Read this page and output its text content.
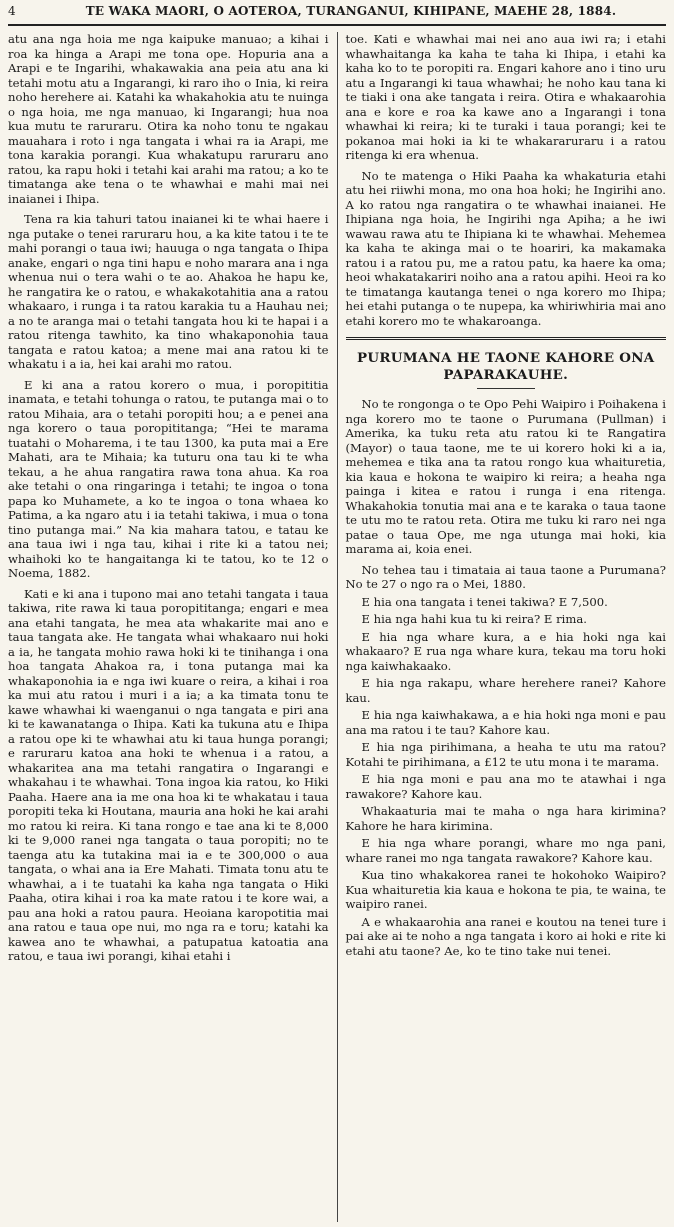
4	TE WAKA MAORI, O AOTEROA, TURANGANUI, KIHIPANE, MAEHE 28, 1884.

atu ana nga hoia me nga kaipuke manuao; a kihai i roa ka hinga a Arapi me tona ope. Hopuria ana a Arapi e te Ingarihi, whakawakia ana peia atu ana ki tetahi motu atu a Ingarangi, ki raro iho o Inia, ki reira noho herehere ai. Katahi ka whakahokia atu te nuinga o nga hoia, me nga manuao, ki Ingarangi; hua noa kua mutu te raruraru. Otira ka noho tonu te ngakau mauahara i roto i nga tangata i whai ra ia Arapi, me tona karakia porangi. Kua whakatupu raruraru ano ratou, ka rapu hoki i tetahi kai arahi ma ratou; a ko te timatanga ake tena o te whawhai e mahi mai nei inaianei i Ihipa.

Tena ra kia tahuri tatou inaianei ki te whai haere i nga putake o tenei raruraru hou, a ka kite tatou i te te mahi porangi o taua iwi; hauuga o nga tangata o Ihipa anake, engari o nga tini hapu e noho marara ana i nga whenua nui o tera wahi o te ao. Ahakoa he hapu ke, he rangatira ke o ratou, e whakakotahitia ana a ratou whakaaro, i runga i ta ratou karakia tu a Hauhau nei; a no te aranga mai o tetahi tangata hou ki te hapai i a ratou ritenga tawhito, ka tino whakaponohia taua tangata e ratou katoa; a mene mai ana ratou ki te whakatu i a ia, hei kai arahi mo ratou.

E ki ana a ratou korero o mua, i poropititia inamata, e tetahi tohunga o ratou, te putanga mai o to ratou Mihaia, ara o tetahi poropiti hou; a e penei ana nga korero o taua poropititanga; “Hei te marama tuatahi o Moharema, i te tau 1300, ka puta mai a Ere Mahati, ara te Mihaia; ka tuturu ona tau ki te wha tekau, a he ahua rangatira rawa tona ahua. Ka roa ake tetahi o ona ringaringa i tetahi; te ingoa o tona papa ko Muhamete, a ko te ingoa o tona whaea ko Patima, a ka ngaro atu i ia tetahi takiwa, i mua o tona tino putanga mai.” Na kia mahara tatou, e tatau ke ana taua iwi i nga tau, kihai i rite ki a tatou nei; whaihoki ko te hangaitanga ki te tatou, ko te 12 o Noema, 1882.

Kati e ki ana i tupono mai ano tetahi tangata i taua takiwa, rite rawa ki taua poropititanga; engari e mea ana etahi tangata, he mea ata whakarite mai ano e taua tangata ake. He tangata whai whakaaro nui hoki a ia, he tangata mohio rawa hoki ki te tinihanga i ona hoa tangata Ahakoa ra, i tona putanga mai ka whakaponohia ia e nga iwi kuare o reira, a kihai i roa ka mui atu ratou i muri i a ia; a ka timata tonu te kawe whawhai ki waenganui o nga tangata e piri ana ki te kawanatanga o Ihipa. Kati ka tukuna atu e Ihipa a ratou ope ki te whawhai atu ki taua hunga porangi; e raruraru katoa ana hoki te whenua i a ratou, a whakaritea ana ma tetahi rangatira o Ingarangi e whakahau i te whawhai. Tona ingoa kia ratou, ko Hiki Paaha. Haere ana ia me ona hoa ki te whakatau i taua poropiti teka ki Houtana, mauria ana hoki he kai arahi mo ratou ki reira. Ki tana rongo e tae ana ki te 8,000 ki te 9,000 ranei nga tangata o taua poropiti; no te taenga atu ka tutakina mai ia e te 300,000 o aua tangata, o whai ana ia Ere Mahati. Timata tonu atu te whawhai, a i te tuatahi ka kaha nga tangata o Hiki Paaha, otira kihai i roa ka mate ratou i te kore wai, a pau ana hoki a ratou paura. Heoiana karopotitia mai ana ratou e taua ope nui, mo nga ra e toru; katahi ka kawea ano te whawhai, a patupatua katoatia ana ratou, e taua iwi porangi, kihai etahi i

toe. Kati e whawhai mai nei ano aua iwi ra; i etahi whawhaitanga ka kaha te taha ki Ihipa, i etahi ka kaha ko to te poropiti ra. Engari kahore ano i tino uru atu a Ingarangi ki taua whawhai; he noho kau tana ki te tiaki i ona ake tangata i reira. Otira e whakaarohia ana e kore e roa ka kawe ano a Ingarangi i tona whawhai ki reira; ki te turaki i taua porangi; kei te pokanoa mai hoki ia ki te whakararuraru i a ratou ritenga ki era whenua.

No te matenga o Hiki Paaha ka whakaturia etahi atu hei riiwhi mona, mo ona hoa hoki; he Ingirihi ano. A ko ratou nga rangatira o te whawhai inaianei. He Ihipiana nga hoia, he Ingirihi nga Apiha; a he iwi wawau rawa atu te Ihipiana ki te whawhai. Mehemea ka kaha te akinga mai o te hoariri, ka makamaka ratou i a ratou pu, me a ratou patu, ka haere ka oma; heoi whakatakariri noiho ana a ratou apihi. Heoi ra ko te timatanga kautanga tenei o nga korero mo Ihipa; hei etahi putanga o te nupepa, ka whiriwhiria mai ano etahi korero mo te whakaroanga.

PURUMANA HE TAONE KAHORE ONA PAPARAKAUHE.

No te rongonga o te Opo Pehi Waipiro i Poihakena i nga korero mo te taone o Purumana (Pullman) i Amerika, ka tuku reta atu ratou ki te Rangatira (Mayor) o taua taone, me te ui korero hoki ki a ia, mehemea e tika ana ta ratou rongo kua whaituretia, kia kaua e hokona te waipiro ki reira; a heaha nga painga i kitea e ratou i runga i ena ritenga. Whakahokia tonutia mai ana e te karaka o taua taone te utu mo te ratou reta. Otira me tuku ki raro nei nga patae o taua Ope, me nga utunga mai hoki, kia marama ai, koia enei.

No tehea tau i timataia ai taua taone a Purumana? No te 27 o ngo ra o Mei, 1880.

E hia ona tangata i tenei takiwa? E 7,500.

E hia nga hahi kua tu ki reira? E rima.

E hia nga whare kura, a e hia hoki nga kai whakaaro? E rua nga whare kura, tekau ma toru hoki nga kaiwhakaako.

E hia nga rakapu, whare herehere ranei? Kahore kau.

E hia nga kaiwhakawa, a e hia hoki nga moni e pau ana ma ratou i te tau? Kahore kau.

E hia nga pirihimana, a heaha te utu ma ratou? Kotahi te pirihimana, a £12 te utu mona i te marama.

E hia nga moni e pau ana mo te atawhai i nga rawakore? Kahore kau.

Whakaaturia mai te maha o nga hara kirimina? Kahore he hara kirimina.

E hia nga whare porangi, whare mo nga pani, whare ranei mo nga tangata rawakore? Kahore kau.

Kua tino whakakorea ranei te hokohoko Waipiro? Kua whaituretia kia kaua e hokona te pia, te waina, te waipiro ranei.

A e whakaarohia ana ranei e koutou na tenei ture i pai ake ai te noho a nga tangata i koro ai hoki e rite ki etahi atu taone? Ae, ko te tino take nui tenei.
